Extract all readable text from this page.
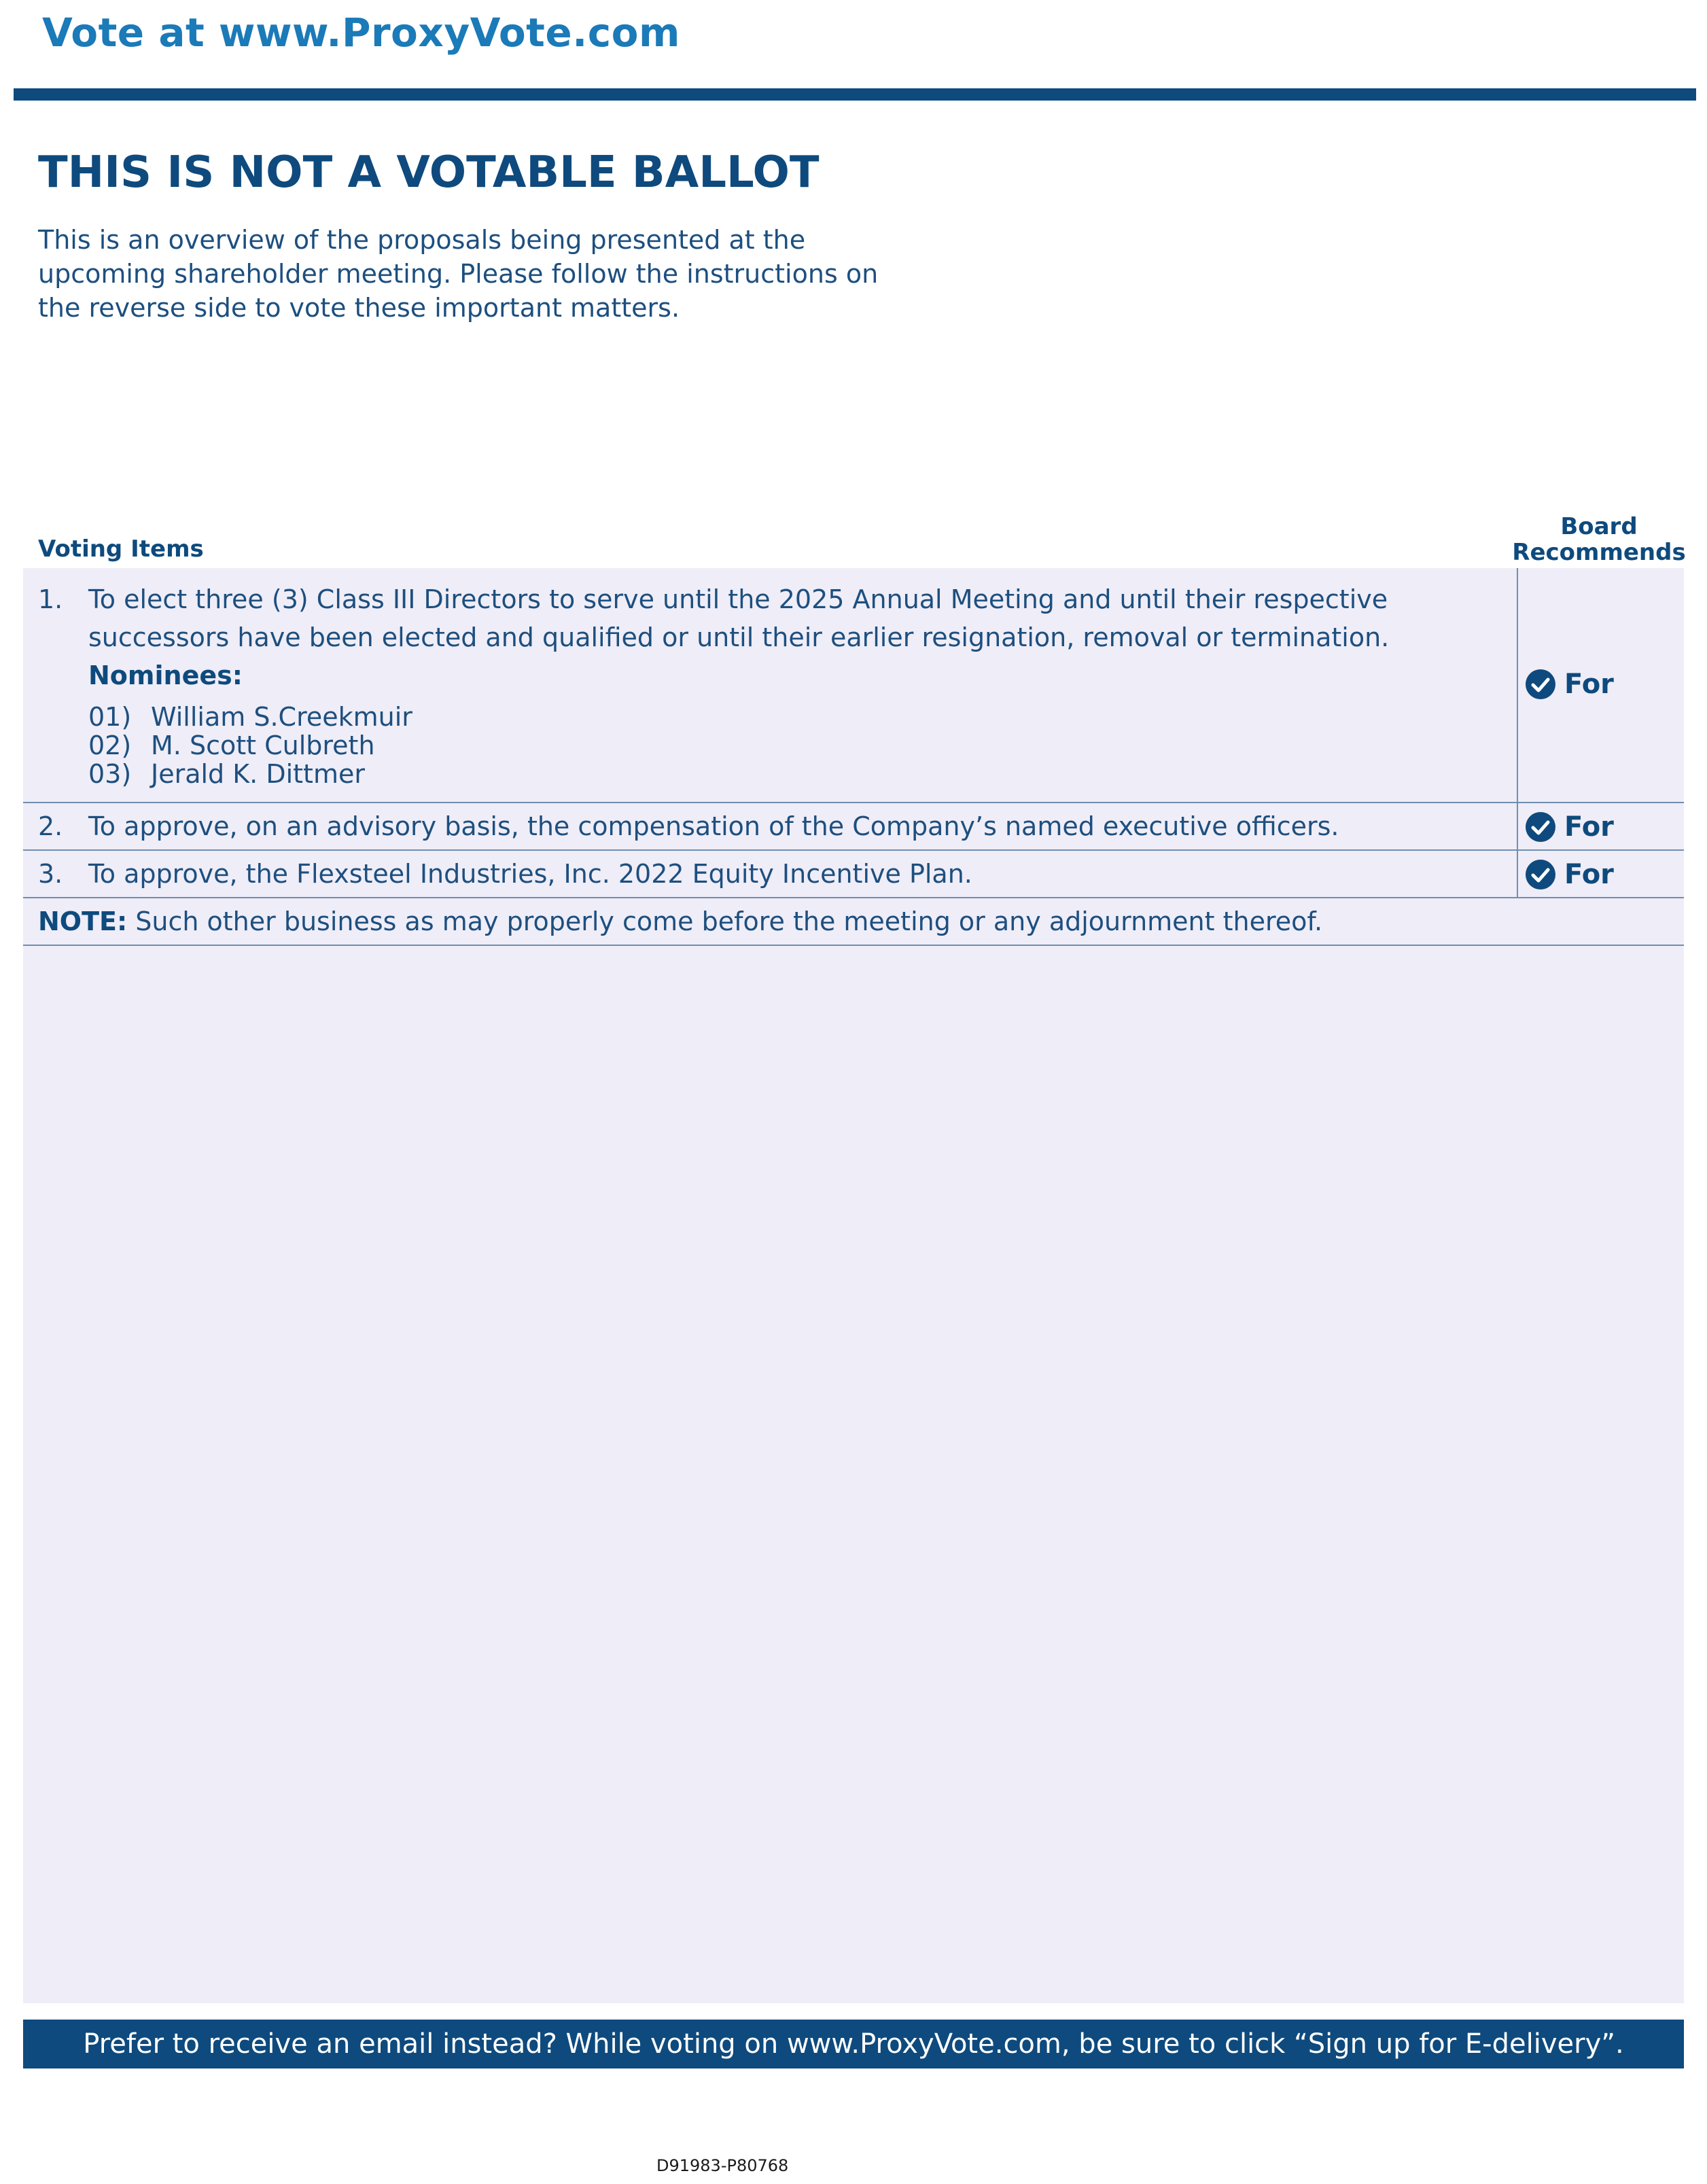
Vote at www.ProxyVote.com
THIS IS NOT A VOTABLE BALLOT

This is an overview of the proposals being presented at the upcoming shareholder meeting. Please follow the instructions on the reverse side to vote these important matters.

Voting Items
Board
Recommends
1. To elect three (3) Class III Directors to serve until the 2025 Annual Meeting and until their respective successors have been elected and qualified or until their earlier resignation, removal or termination.
Nominees:
01) William S.Creekmuir
02) M. Scott Culbreth
03) Jerald K. Dittmer
For
2. To approve, on an advisory basis, the compensation of the Company’s named executive officers.	For
3. To approve, the Flexsteel Industries, Inc. 2022 Equity Incentive Plan.	For
NOTE: Such other business as may properly come before the meeting or any adjournment thereof.
Prefer to receive an email instead? While voting on www.ProxyVote.com, be sure to click “Sign up for E-delivery”.
D91983-P80768
